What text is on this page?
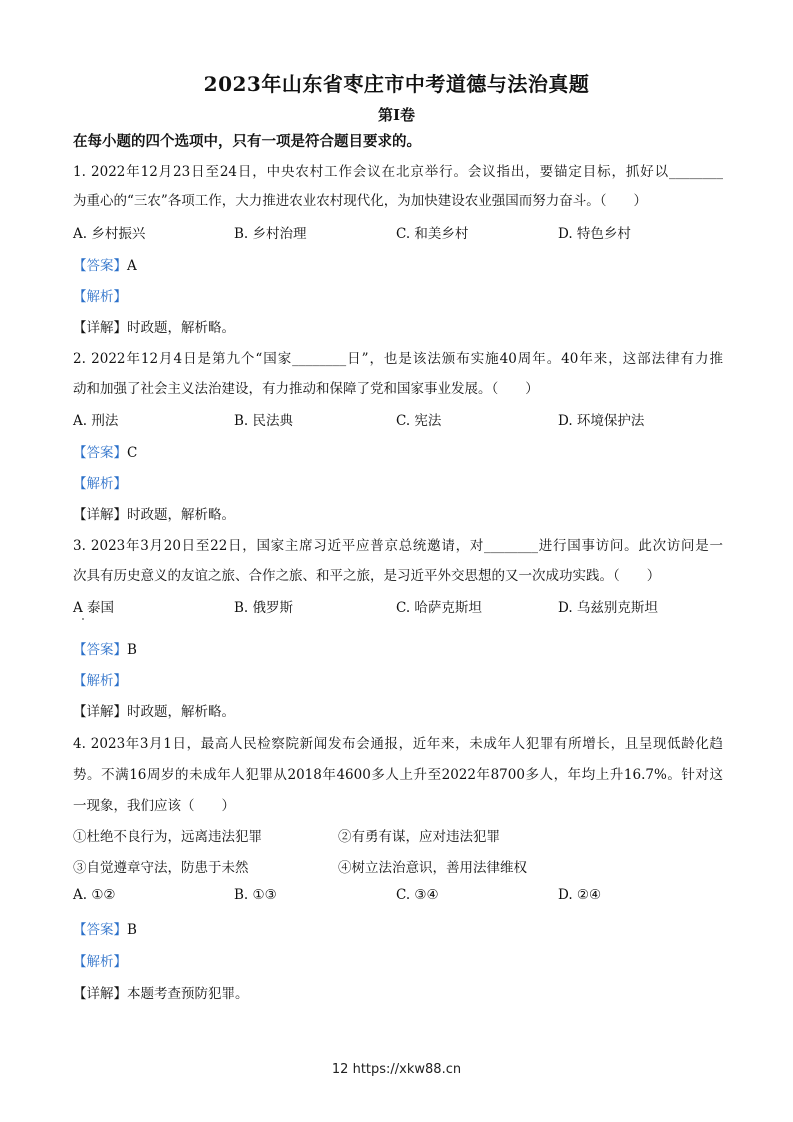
2023年山东省枣庄市中考道德与法治真题
第Ⅰ卷
在每小题的四个选项中，只有一项是符合题目要求的。
1. 2022年12月23日至24日，中央农村工作会议在北京举行。会议指出，要锚定目标，抓好以________
为重心的“三农”各项工作，大力推进农业农村现代化，为加快建设农业强国而努力奋斗。（　　）
A. 乡村振兴	B. 乡村治理	C. 和美乡村	D. 特色乡村
【答案】A
【解析】
【详解】时政题，解析略。
2. 2022年12月4日是第九个“国家________日”，也是该法颁布实施40周年。40年来，这部法律有力推
动和加强了社会主义法治建设，有力推动和保障了党和国家事业发展。（　　）
A. 刑法	B. 民法典	C. 宪法	D. 环境保护法
【答案】C
【解析】
【详解】时政题，解析略。
3. 2023年3月20日至22日，国家主席习近平应普京总统邀请，对________进行国事访问。此次访问是一
次具有历史意义的友谊之旅、合作之旅、和平之旅，是习近平外交思想的又一次成功实践。（　　）
A 泰国	B. 俄罗斯	C. 哈萨克斯坦	D. 乌兹别克斯坦
【答案】B
【解析】
【详解】时政题，解析略。
4. 2023年3月1日，最高人民检察院新闻发布会通报，近年来，未成年人犯罪有所增长，且呈现低龄化趋
势。不满16周岁的未成年人犯罪从2018年4600多人上升至2022年8700多人，年均上升16.7%。针对这
一现象，我们应该（　　）
①杜绝不良行为，远离违法犯罪	②有勇有谋，应对违法犯罪
③自觉遵章守法，防患于未然	④树立法治意识，善用法律维权
A. ①②	B. ①③	C. ③④	D. ②④
【答案】B
【解析】
【详解】本题考查预防犯罪。
12 https://xkw88.cn
